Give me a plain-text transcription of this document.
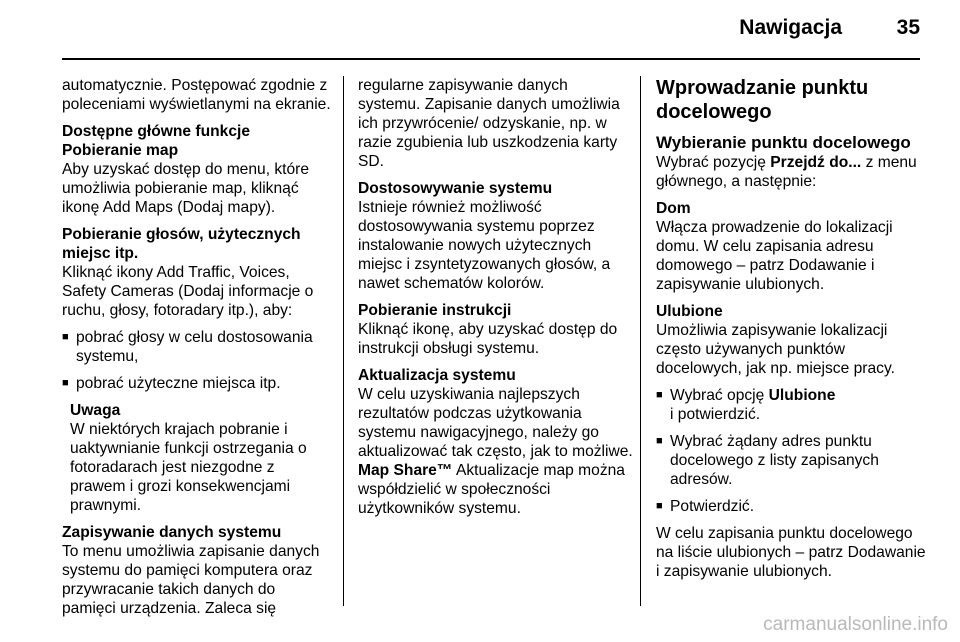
Nawigacja	35

automatycznie. Postępować zgodnie z poleceniami wyświetlanymi na ekranie.

Dostępne główne funkcje

Pobieranie map

Aby uzyskać dostęp do menu, które umożliwia pobieranie map, kliknąć ikonę Add Maps (Dodaj mapy).

Pobieranie głosów, użytecznych miejsc itp.

Kliknąć ikony Add Traffic, Voices, Safety Cameras (Dodaj informacje o ruchu, głosy, fotoradary itp.), aby:

■ pobrać głosy w celu dostosowania systemu,
■ pobrać użyteczne miejsca itp.

Uwaga

W niektórych krajach pobranie i uaktywnianie funkcji ostrzegania o fotoradarach jest niezgodne z prawem i grozi konsekwencjami prawnymi.

Zapisywanie danych systemu

To menu umożliwia zapisanie danych systemu do pamięci komputera oraz przywracanie takich danych do pamięci urządzenia. Zaleca się

regularne zapisywanie danych systemu. Zapisanie danych umożliwia ich przywrócenie/ odzyskanie, np. w razie zgubienia lub uszkodzenia karty SD.

Dostosowywanie systemu

Istnieje również możliwość dostosowywania systemu poprzez instalowanie nowych użytecznych miejsc i zsyntetyzowanych głosów, a nawet schematów kolorów.

Pobieranie instrukcji

Kliknąć ikonę, aby uzyskać dostęp do instrukcji obsługi systemu.

Aktualizacja systemu

W celu uzyskiwania najlepszych rezultatów podczas użytkowania systemu nawigacyjnego, należy go aktualizować tak często, jak to możliwe. Map Share™ Aktualizacje map można współdzielić w społeczności użytkowników systemu.

Wprowadzanie punktu docelowego

Wybieranie punktu docelowego

Wybrać pozycję Przejdź do... z menu głównego, a następnie:

Dom

Włącza prowadzenie do lokalizacji domu. W celu zapisania adresu domowego – patrz Dodawanie i zapisywanie ulubionych.

Ulubione

Umożliwia zapisywanie lokalizacji często używanych punktów docelowych, jak np. miejsce pracy.

■ Wybrać opcję Ulubione
i potwierdzić.
■ Wybrać żądany adres punktu docelowego z listy zapisanych adresów.
■ Potwierdzić.

W celu zapisania punktu docelowego na liście ulubionych – patrz Dodawanie i zapisywanie ulubionych.

carmanualsonline.info
